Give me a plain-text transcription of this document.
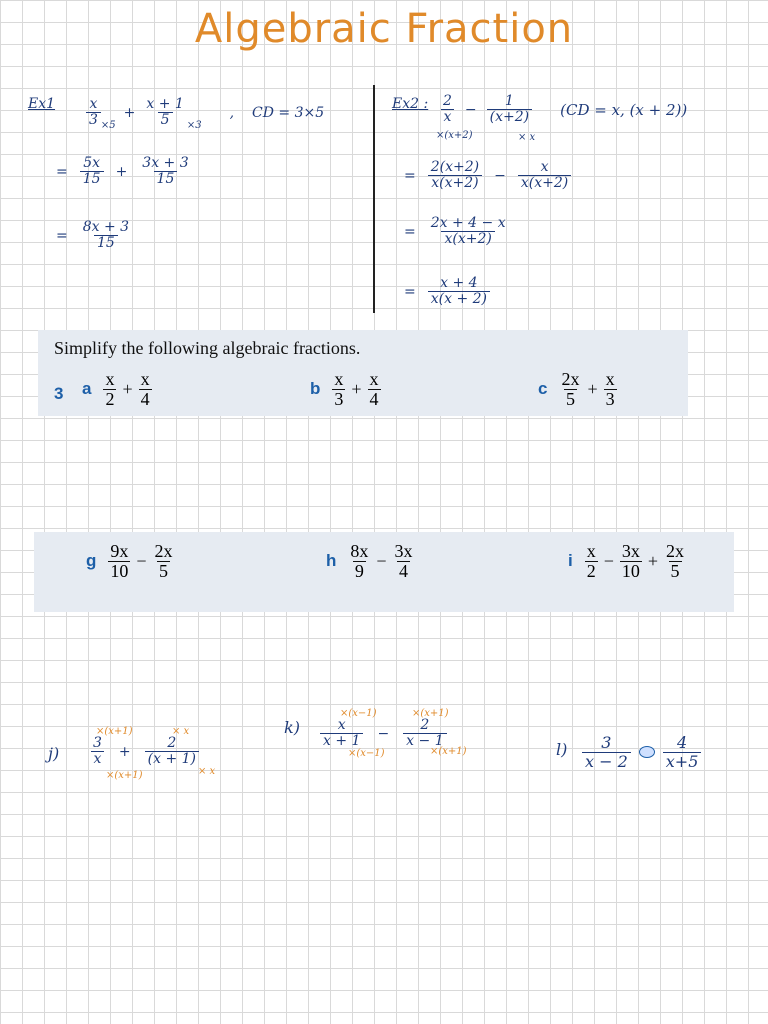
Algebraic Fraction
$Ex1 \frac{x}{3} \times 5$
+ $\frac{x + 1}{5} \times 3$
, CD = 3×5
= $\frac{5x}{15} + \frac{3x + 3}{15}$
= $\frac{8x + 3}{15}$
Ex2 : $\frac{2}{x} - \frac{1}{(x+2)} (CD = x$, (x + 2))
×(x+2)	× x
= $\frac{2(x+2)}{x(x+2)} - \frac{x}{x(x+2)}$
= $\frac{2x + 4 - x}{x(x+2)}$
= $\frac{x + 4}{x(x + 2)}$
Simplify the following algebraic fractions.
3 a $\frac{x}{2} + \frac{x}{4}$	b $\frac{x}{3} + \frac{x}{4}$	c $\frac{2x}{5} + \frac{x}{3}$
g $\frac{9x}{10} - \frac{2x}{5}$	h $\frac{8x}{9} - \frac{3x}{4}$	i $\frac{x}{2} - \frac{3x}{10} + \frac{2x}{5}$
j)
×(x+1)	× x
$\frac{3}{x} + \frac{2}{(x + 1)}$
×(x+1)	× x
k)
×(x−1)	×(x+1)
$\frac{x}{x + 1} - \frac{2}{x - 1}$
×(x−1)	×(x+1)	$l) \frac{3}{x - 2} \frac{4}{x+5}$
